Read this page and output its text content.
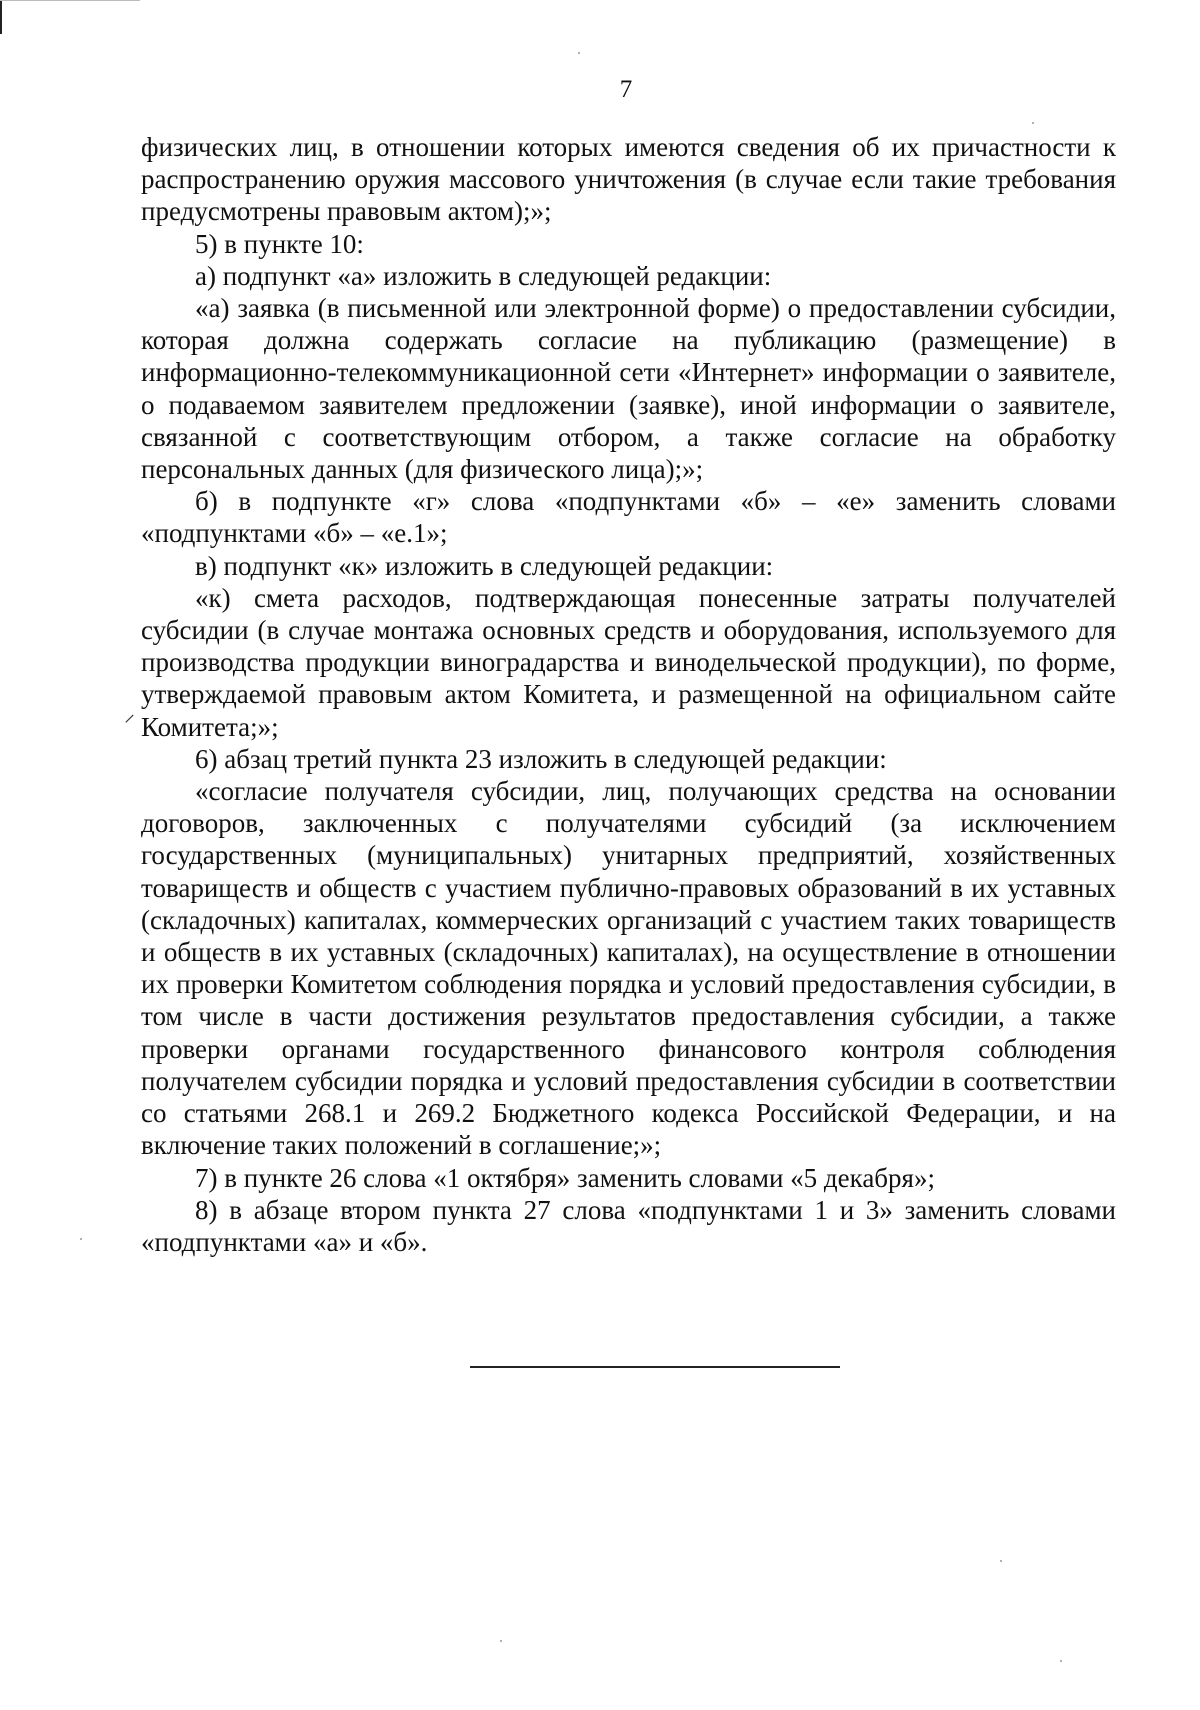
7

физических лиц, в отношении которых имеются сведения об их причастности к распространению оружия массового уничтожения (в случае если такие требования предусмотрены правовым актом);»;

5) в пункте 10:

а) подпункт «а» изложить в следующей редакции:

«а) заявка (в письменной или электронной форме) о предоставлении субсидии, которая должна содержать согласие на публикацию (размещение) в информационно-телекоммуникационной сети «Интернет» информации о заявителе, о подаваемом заявителем предложении (заявке), иной информации о заявителе, связанной с соответствующим отбором, а также согласие на обработку персональных данных (для физического лица);»;

б) в подпункте «г» слова «подпунктами «б» – «е» заменить словами «подпунктами «б» – «е.1»;

в) подпункт «к» изложить в следующей редакции:

«к) смета расходов, подтверждающая понесенные затраты получателей субсидии (в случае монтажа основных средств и оборудования, используемого для производства продукции виноградарства и винодельческой продукции), по форме, утверждаемой правовым актом Комитета, и размещенной на официальном сайте Комитета;»;

6) абзац третий пункта 23 изложить в следующей редакции:

«согласие получателя субсидии, лиц, получающих средства на основании договоров, заключенных с получателями субсидий (за исключением государственных (муниципальных) унитарных предприятий, хозяйственных товариществ и обществ с участием публично-правовых образований в их уставных (складочных) капиталах, коммерческих организаций с участием таких товариществ и обществ в их уставных (складочных) капиталах), на осуществление в отношении их проверки Комитетом соблюдения порядка и условий предоставления субсидии, в том числе в части достижения результатов предоставления субсидии, а также проверки органами государственного финансового контроля соблюдения получателем субсидии порядка и условий предоставления субсидии в соответствии со статьями 268.1 и 269.2 Бюджетного кодекса Российской Федерации, и на включение таких положений в соглашение;»;

7) в пункте 26 слова «1 октября» заменить словами «5 декабря»;

8) в абзаце втором пункта 27 слова «подпунктами 1 и 3» заменить словами «подпунктами «а» и «б».

⸝
